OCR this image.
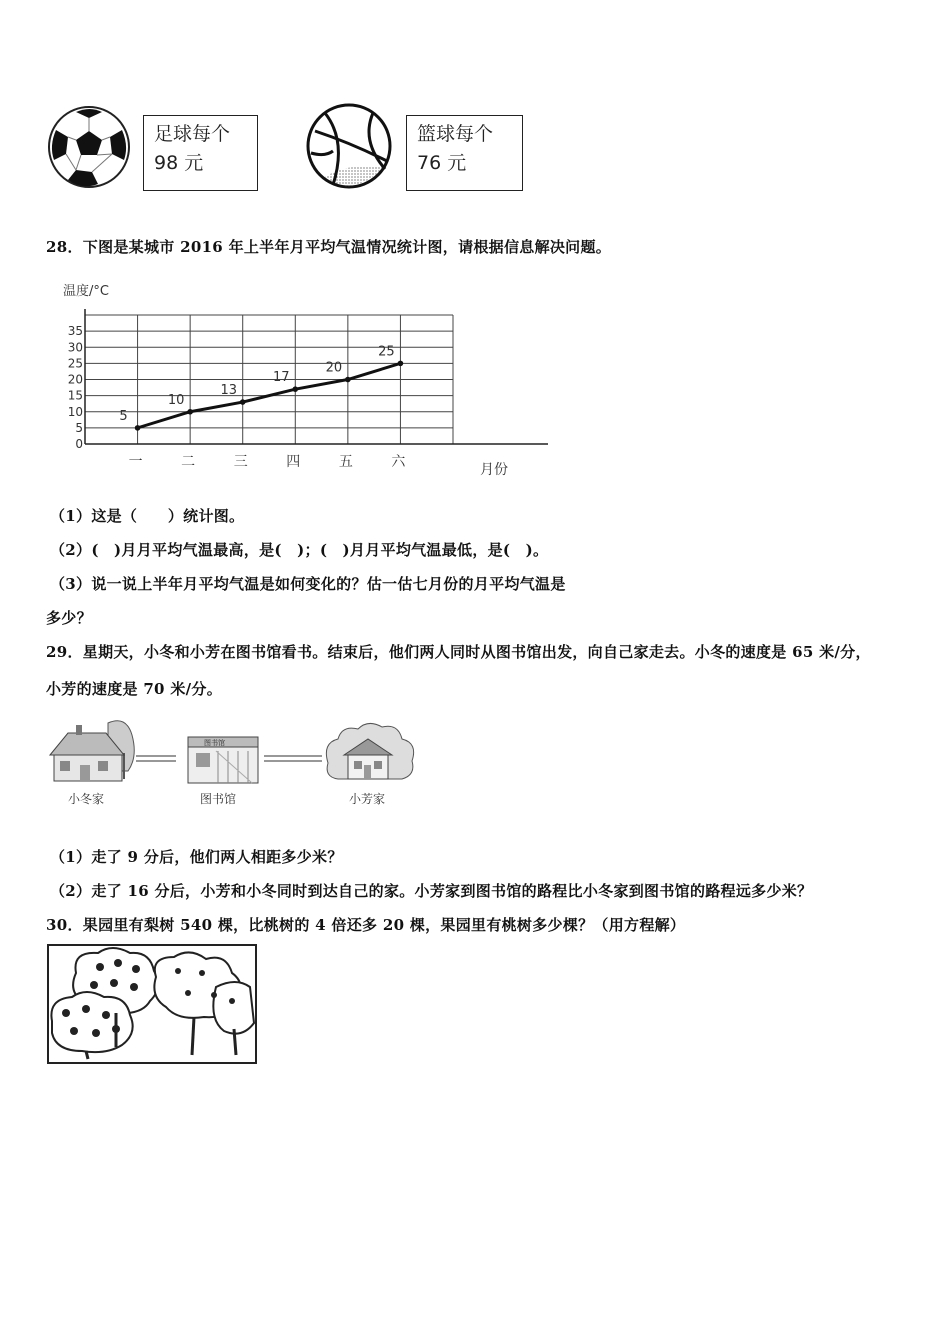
足球每个
98 元
篮球每个
76 元
28．下图是某城市 2016 年上半年月平均气温情况统计图，请根据信息解决问题。
0
5
10
15
20
25
30
35
一	二	三	四	五	六
5
10
13
17
20
25
温度/°C
月份
（1）这是（　　）统计图。
（2）(　)月月平均气温最高，是(　)；(　)月月平均气温最低，是(　)。
（3）说一说上半年月平均气温是如何变化的？估一估七月份的月平均气温是
多少？
29．星期天，小冬和小芳在图书馆看书。结束后，他们两人同时从图书馆出发，向自己家走去。小冬的速度是 65 米/分，
小芳的速度是 70 米/分。
图书馆
小冬家	图书馆	小芳家
（1）走了 9 分后，他们两人相距多少米？
（2）走了 16 分后，小芳和小冬同时到达自己的家。小芳家到图书馆的路程比小冬家到图书馆的路程远多少米？
30．果园里有梨树 540 棵，比桃树的 4 倍还多 20 棵，果园里有桃树多少棵？（用方程解）
